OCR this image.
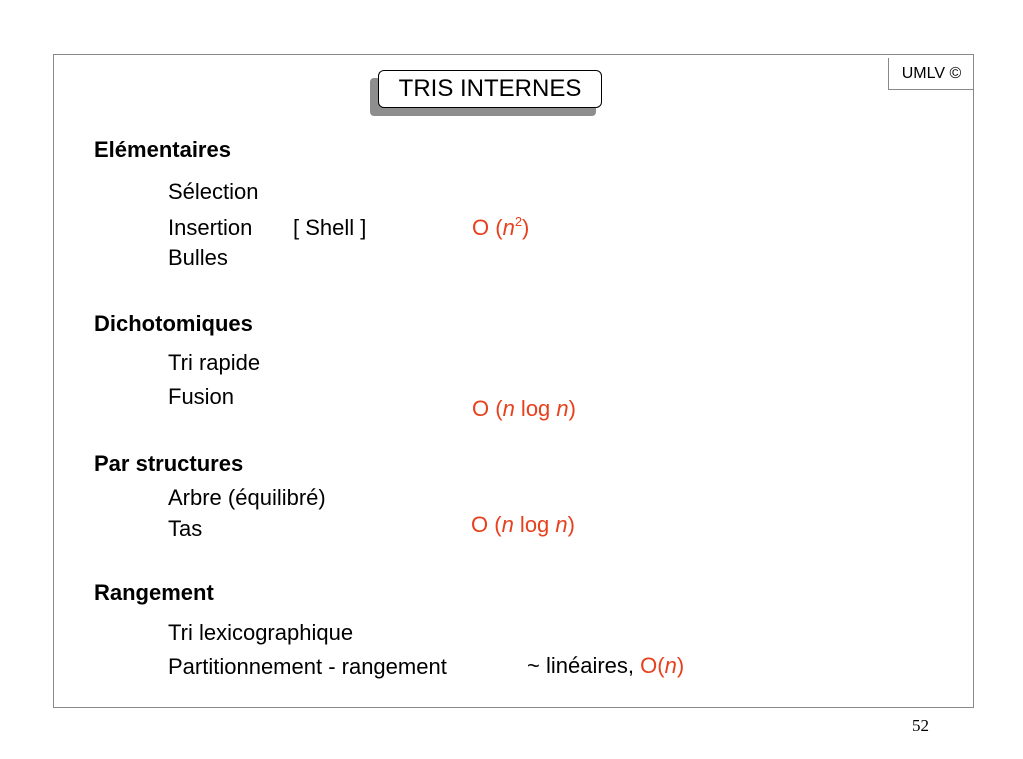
UMLV ©
TRIS INTERNES
Elémentaires
Sélection
Insertion [ Shell ]
Bulles
O $(n^2)$
Dichotomiques
Tri rapide
Fusion	O (n log n)
Par structures
Arbre (équilibré)
Tas	O (n log n)
Rangement
Tri lexicographique
Partitionnement - rangement	~ linéaires, O(n)
52
